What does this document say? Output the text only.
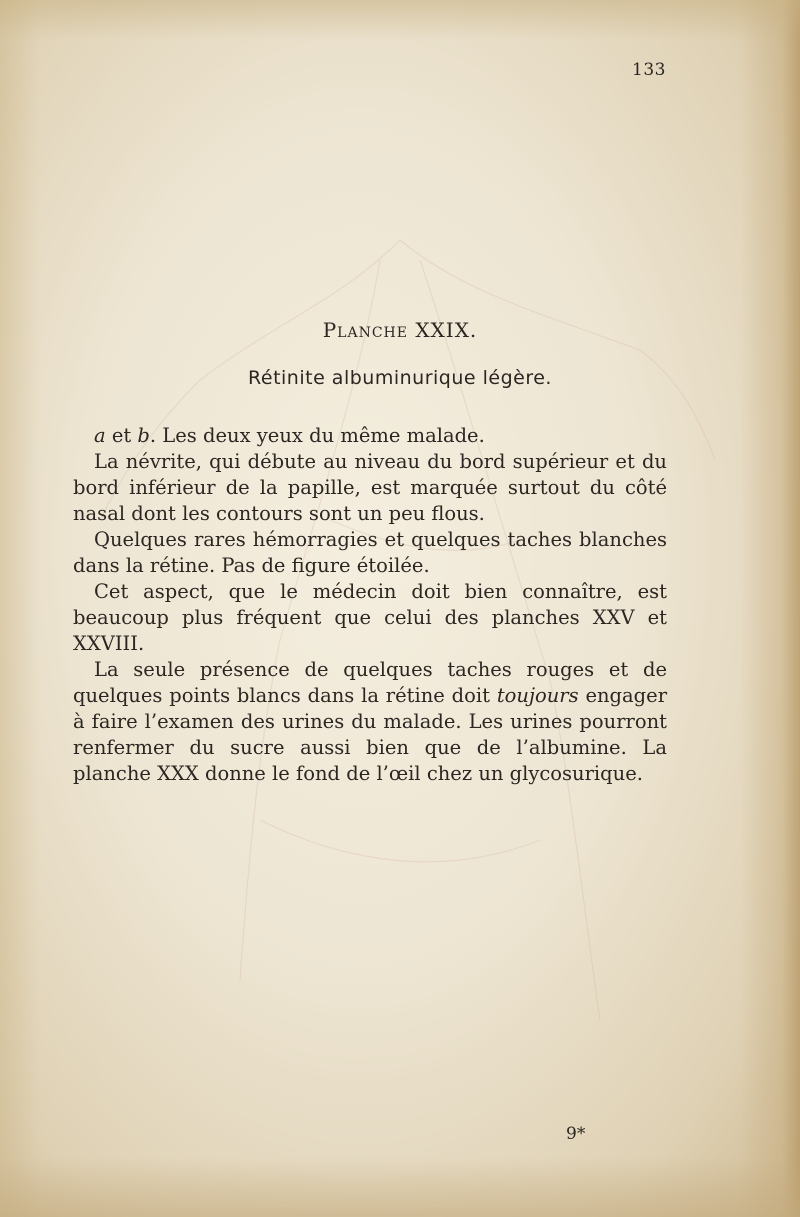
133
Planche XXIX.
Rétinite albuminurique légère.

a et b. Les deux yeux du même malade.

La névrite, qui débute au niveau du bord supérieur et du bord inférieur de la papille, est marquée surtout du côté nasal dont les contours sont un peu flous.

Quelques rares hémorragies et quelques taches blanches dans la rétine. Pas de figure étoilée.

Cet aspect, que le médecin doit bien connaître, est beaucoup plus fréquent que celui des planches XXV et XXVIII.

La seule présence de quelques taches rouges et de quelques points blancs dans la rétine doit toujours engager à faire l’examen des urines du malade. Les urines pourront renfermer du sucre aussi bien que de l’albumine. La planche XXX donne le fond de l’œil chez un glycosurique.

9*
